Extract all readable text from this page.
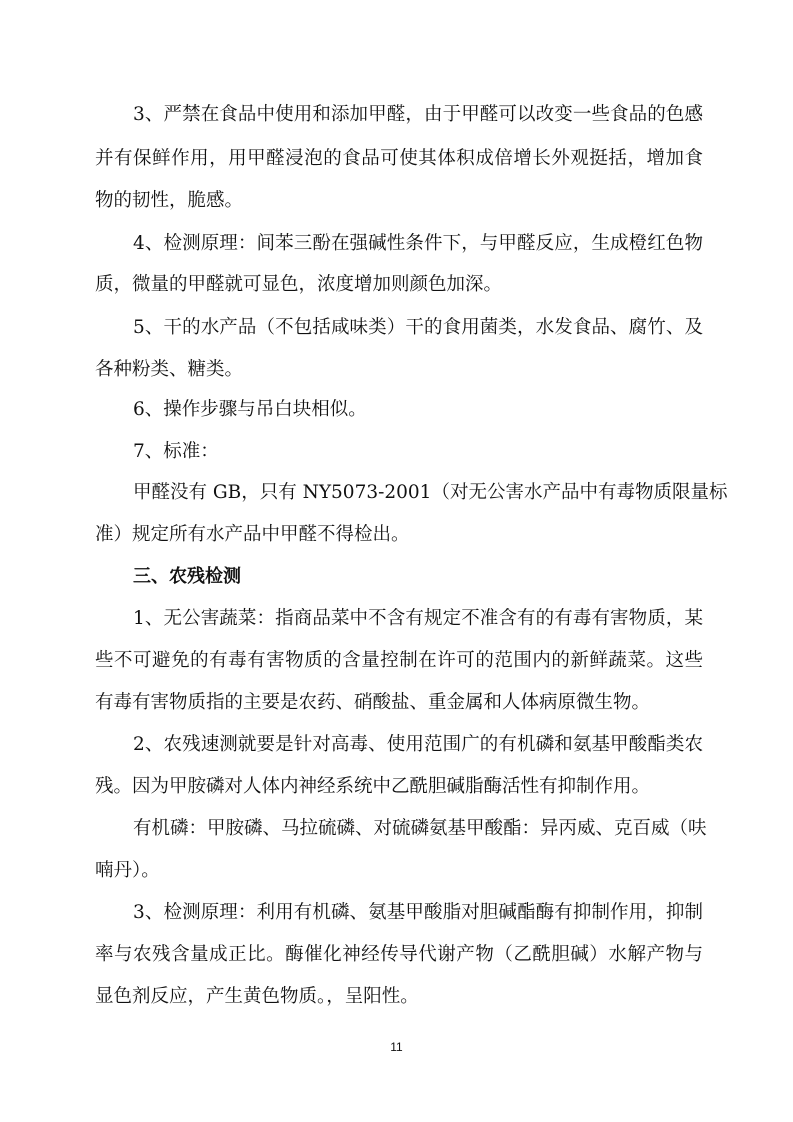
3、严禁在食品中使用和添加甲醛，由于甲醛可以改变一些食品的色感
并有保鲜作用，用甲醛浸泡的食品可使其体积成倍增长外观挺括，增加食
物的韧性，脆感。
4、检测原理：间苯三酚在强碱性条件下，与甲醛反应，生成橙红色物
质，微量的甲醛就可显色，浓度增加则颜色加深。
5、干的水产品（不包括咸味类）干的食用菌类，水发食品、腐竹、及
各种粉类、糖类。
6、操作步骤与吊白块相似。
7、标准：
甲醛没有 GB，只有 NY5073-2001（对无公害水产品中有毒物质限量标
准）规定所有水产品中甲醛不得检出。
三、农残检测
1、无公害蔬菜：指商品菜中不含有规定不准含有的有毒有害物质，某
些不可避免的有毒有害物质的含量控制在许可的范围内的新鲜蔬菜。这些
有毒有害物质指的主要是农药、硝酸盐、重金属和人体病原微生物。
2、农残速测就要是针对高毒、使用范围广的有机磷和氨基甲酸酯类农
残。因为甲胺磷对人体内神经系统中乙酰胆碱脂酶活性有抑制作用。
有机磷：甲胺磷、马拉硫磷、对硫磷氨基甲酸酯：异丙威、克百威（呋
喃丹）。
3、检测原理：利用有机磷、氨基甲酸脂对胆碱酯酶有抑制作用，抑制
率与农残含量成正比。酶催化神经传导代谢产物（乙酰胆碱）水解产物与
显色剂反应，产生黄色物质。，呈阳性。
11
